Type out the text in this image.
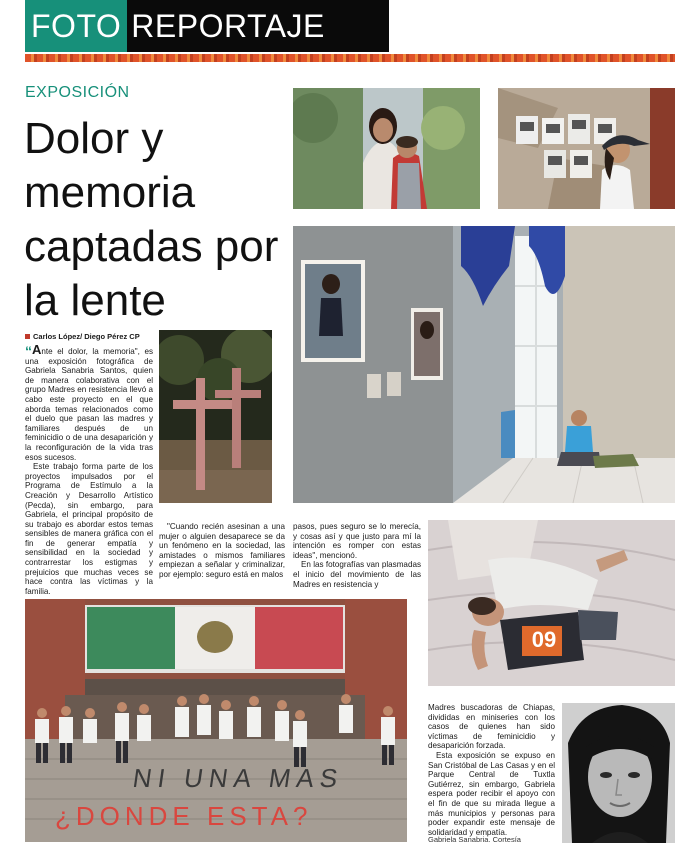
FOTO REPORTAJE
EXPOSICIÓN
Dolor y memoria captadas por la lente
Carlos López/ Diego Pérez CP

“Ante el dolor, la memoria", es una exposición fotográfica de Gabriela Sanabria Santos, quien de manera colaborativa con el grupo Madres en resistencia llevó a cabo este proyecto en el que aborda temas relacionados como el duelo que pasan las madres y familiares después de un feminicidio o de una desaparición y la reconfiguración de la vida tras esos sucesos.

Este trabajo forma parte de los proyectos impulsados por el Programa de Estímulo a la Creación y Desarrollo Artístico (Pecda), sin embargo, para Gabriela, el principal propósito de su trabajo es abordar estos temas sensibles de manera gráfica con el fin de generar empatía y sensibilidad en la sociedad y contrarrestar los estigmas y prejuicios que muchas veces se hace contra las víctimas y la familia.

"Cuando recién asesinan a una mujer o alguien desaparece se da un fenómeno en la sociedad, las amistades o mismos familiares empiezan a señalar y criminalizar, por ejemplo: seguro está en malos

pasos, pues seguro se lo merecía, y cosas así y que justo para mí la intención es romper con estas ideas", mencionó.

En las fotografías van plasmadas el inicio del movimiento de las Madres en resistencia y

Madres buscadoras de Chiapas, divididas en miniseries con los casos de quienes han sido víctimas de feminicidio y desaparición forzada.

Esta exposición se expuso en San Cristóbal de Las Casas y en el Parque Central de Tuxtla Gutiérrez, sin embargo, Gabriela espera poder recibir el apoyo con el fin de que su mirada llegue a más municipios y personas para poder expandir este mensaje de solidaridad y empatía.

Gabriela Sanabria. Cortesía
09
NI UNA MAS
¿DONDE ESTA?
